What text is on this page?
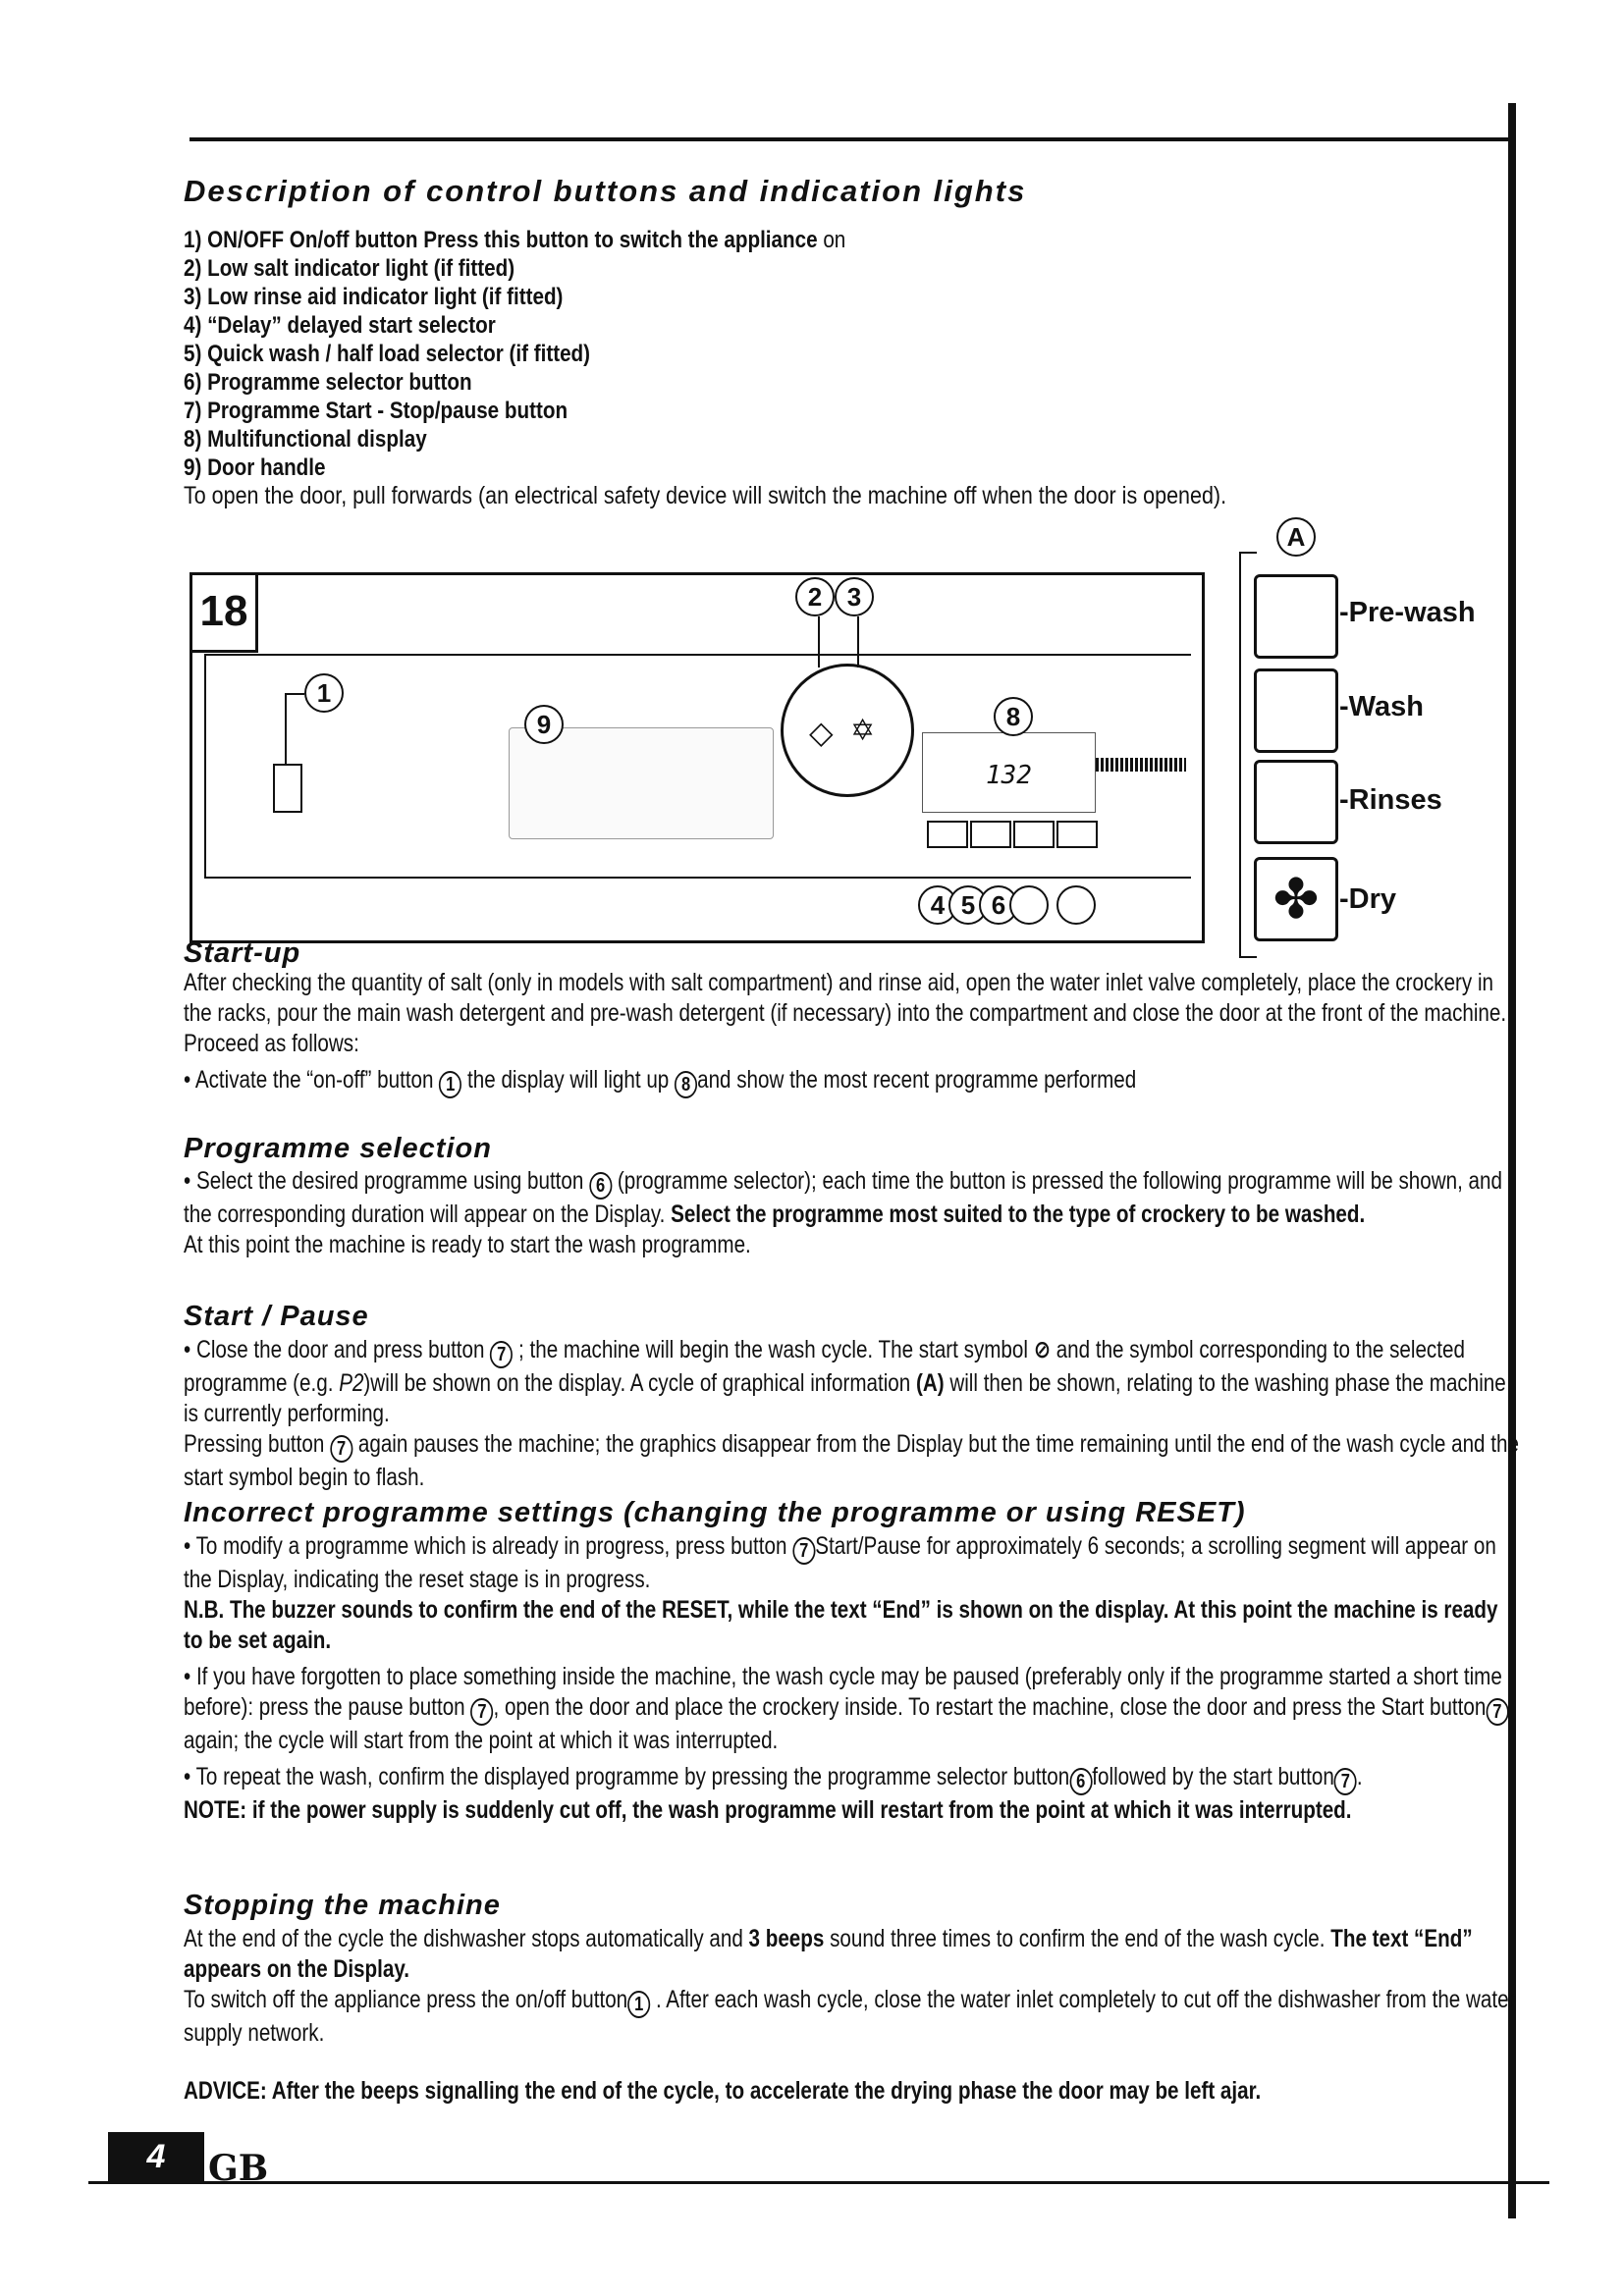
Description of control buttons and indication lights
1) ON/OFF On/off button Press this button to switch the appliance on
2) Low salt indicator light (if fitted)
3) Low rinse aid indicator light (if fitted)
4) “Delay” delayed start selector
5) Quick wash / half load selector (if fitted)
6) Programme selector button
7) Programme Start - Stop/pause button
8) Multifunctional display
9) Door handle
To open the door, pull forwards (an electrical safety device will switch the machine off when the door is opened).
18
132
◇ ✡
1
9
2 3
8
4 5 6
A
-Pre-wash
-Wash
-Rinses
✤ -Dry
Start-up

After checking the quantity of salt (only in models with salt compartment) and rinse aid, open the water inlet valve completely, place the crockery in the racks, pour the main wash detergent and pre-wash detergent (if necessary) into the compartment and close the door at the front of the machine.

Proceed as follows:

• Activate the “on-off” button 1 the display will light up 8 and show the most recent programme performed

Programme selection

• Select the desired programme using button 6 (programme selector); each time the button is pressed the following programme will be shown, and the corresponding duration will appear on the Display. Select the programme most suited to the type of crockery to be washed.

At this point the machine is ready to start the wash programme.

Start / Pause

• Close the door and press button 7 ; the machine will begin the wash cycle. The start symbol ⊘ and the symbol corresponding to the selected programme (e.g. P2)will be shown on the display. A cycle of graphical information (A) will then be shown, relating to the washing phase the machine is currently performing.

Pressing button 7 again pauses the machine; the graphics disappear from the Display but the time remaining until the end of the wash cycle and the start symbol begin to flash.

Incorrect programme settings (changing the programme or using RESET)

• To modify a programme which is already in progress, press button 7 Start/Pause for approximately 6 seconds; a scrolling segment will appear on the Display, indicating the reset stage is in progress.

N.B. The buzzer sounds to confirm the end of the RESET, while the text “End” is shown on the display. At this point the machine is ready to be set again.

• If you have forgotten to place something inside the machine, the wash cycle may be paused (preferably only if the programme started a short time before): press the pause button 7 , open the door and place the crockery inside. To restart the machine, close the door and press the Start button 7again; the cycle will start from the point at which it was interrupted.

• To repeat the wash, confirm the displayed programme by pressing the programme selector button 6 followed by the start button 7 .

NOTE: if the power supply is suddenly cut off, the wash programme will restart from the point at which it was interrupted.

Stopping the machine

At the end of the cycle the dishwasher stops automatically and 3 beeps sound three times to confirm the end of the wash cycle. The text “End” appears on the Display.

To switch off the appliance press the on/off button 1 . After each wash cycle, close the water inlet completely to cut off the dishwasher from the water supply network.

ADVICE: After the beeps signalling the end of the cycle, to accelerate the drying phase the door may be left ajar.

4	GB
